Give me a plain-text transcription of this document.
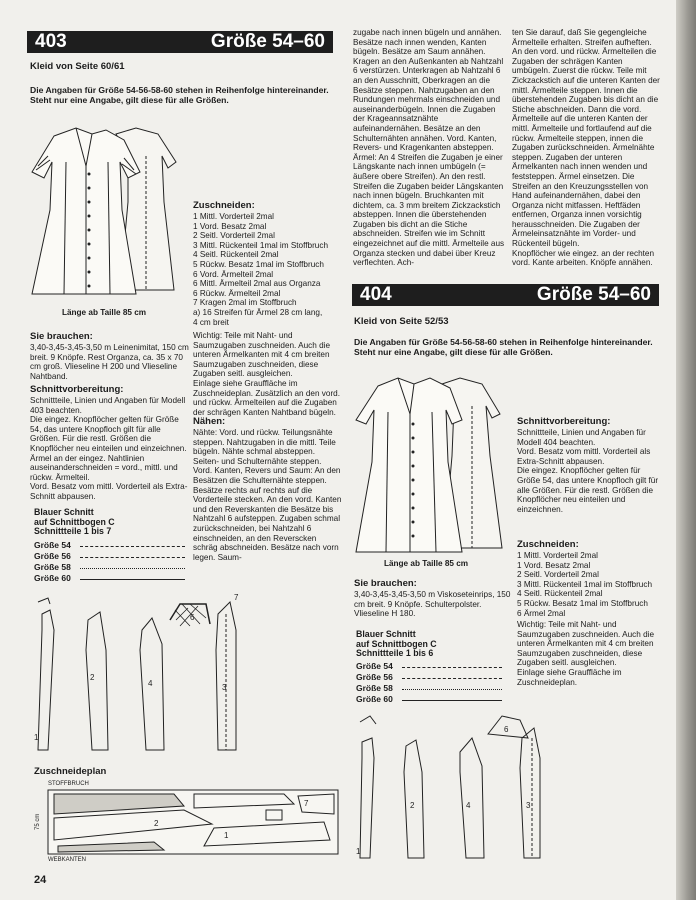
403	Größe 54–60
Kleid von Seite 60/61
Die Angaben für Größe 54-56-58-60 stehen in Reihenfolge hintereinander. Steht nur eine Angabe, gilt diese für alle Größen.
Länge ab Taille 85 cm
Sie brauchen:
3,40-3,45-3,45-3,50 m Leinenimitat, 150 cm breit. 9 Knöpfe. Rest Organza, ca. 35 x 70 cm groß. Vlieseline H 200 und Vlieseline Nahtband.
Schnittvorbereitung:
Schnittteile, Linien und Angaben für Modell 403 beachten.
Die eingez. Knopflöcher gelten für Größe 54, das untere Knopfloch gilt für alle Größen. Für die restl. Größen die Knopflöcher neu einteilen und einzeichnen.
Ärmel an der eingez. Nahtlinien auseinanderschneiden = vord., mittl. und rückw. Ärmelteil.
Vord. Besatz vom mittl. Vorderteil als Extra-Schnitt abpausen.
Blauer Schnitt
auf Schnittbogen C
Schnittteile 1 bis 7
Größe 54
Größe 56
Größe 58
Größe 60
Zuschneiden:
1 Mittl. Vorderteil 2mal
1 Vord. Besatz 2mal
2 Seitl. Vorderteil 2mal
3 Mittl. Rückenteil 1mal im Stoffbruch
4 Seitl. Rückenteil 2mal
5 Rückw. Besatz 1mal im Stoffbruch
6 Vord. Ärmelteil 2mal
6 Mittl. Ärmelteil 2mal aus Organza
6 Rückw. Ärmelteil 2mal
7 Kragen 2mal im Stoffbruch
a) 16 Streifen für Ärmel 28 cm lang,
4 cm breit
Wichtig: Teile mit Naht- und Saumzugaben zuschneiden. Auch die unteren Ärmelkanten mit 4 cm breiten Saumzugaben zuschneiden, diese Zugaben seitl. ausgleichen.
Einlage siehe Grauffläche im Zuschneideplan. Zusätzlich an den vord. und rückw. Ärmelteilen auf die Zugaben der schrägen Kanten Nahtband bügeln.
Nähen:
Nähte: Vord. und rückw. Teilungsnähte steppen. Nahtzugaben in die mittl. Teile bügeln. Nähte schmal absteppen. Seiten- und Schulternähte steppen.
Vord. Kanten, Revers und Saum: An den Besätzen die Schulternähte steppen. Besätze rechts auf rechts auf die Vorderteile stecken. An den vord. Kanten und den Reverskanten die Besätze bis Nahtzahl 6 aufsteppen. Zugaben schmal zurückschneiden, bei Nahtzahl 6 einschneiden, an den Reverscken schräg abschneiden. Besätze nach vorn legen. Saum-
1
2
4
6
3
7
Zuschneideplan
1
2
7
STOFFBRUCH
WEBKANTEN
75 cm
zugabe nach innen bügeln und annähen. Besätze nach innen wenden, Kanten bügeln. Besätze am Saum annähen.
Kragen an den Außenkanten ab Nahtzahl 6 verstürzen. Unterkragen ab Nahtzahl 6 an den Ausschnitt, Oberkragen an die Besätze steppen. Nahtzugaben an den Rundungen mehrmals einschneiden und auseinanderbügeln. Innen die Zugaben der Krageannsatznähte aufeinandernähen. Besätze an den Schulternähten annähen. Vord. Kanten, Revers- und Kragenkanten absteppen.
Ärmel: An 4 Streifen die Zugaben je einer Längskante nach innen umbügeln (= äußere obere Streifen). An den restl. Streifen die Zugaben beider Längskanten nach innen bügeln. Bruchkanten mit dichtem, ca. 3 mm breitem Zickzackstich absteppen. Innen die überstehenden Zugaben bis dicht an die Stiche abschneiden. Streifen wie im Schnitt eingezeichnet auf die mittl. Ärmelteile aus Organza stecken und dabei über Kreuz verflechten. Ach-
ten Sie darauf, daß Sie gegengleiche Ärmelteile erhalten. Streifen aufheften. An den vord. und rückw. Ärmelteilen die Zugaben der schrägen Kanten umbügeln. Zuerst die rückw. Teile mit Zickzackstich auf die unteren Kanten der mittl. Ärmelteile steppen. Innen die überstehenden Zugaben bis dicht an die Stiche abschneiden. Dann die vord. Ärmelteile auf die unteren Kanten der mittl. Ärmelteile und fortlaufend auf die rückw. Ärmelteile steppen, innen die Zugaben zurückschneiden. Ärmelnähte steppen. Zugaben der unteren Ärmelkanten nach innen wenden und feststeppen. Ärmel einsetzen. Die Streifen an den Kreuzungsstellen von Hand aufeinandernähen, dabei den Organza nicht mitfassen. Heftfäden entfernen, Organza innen vorsichtig herausschneiden. Die Zugaben der Ärmeleinsatznähte im Vorder- und Rückenteil bügeln.
Knopflöcher wie eingez. an der rechten vord. Kante arbeiten. Knöpfe annähen.
404	Größe 54–60
Kleid von Seite 52/53
Die Angaben für Größe 54-56-58-60 stehen in Reihenfolge hintereinander. Steht nur eine Angabe, gilt diese für alle Größen.
Länge ab Taille 85 cm
Sie brauchen:
3,40-3,45-3,45-3,50 m Viskoseteinrips, 150 cm breit. 9 Knöpfe. Schulterpolster. Vlieseline H 180.
Blauer Schnitt
auf Schnittbogen C
Schnittteile 1 bis 6
Größe 54
Größe 56
Größe 58
Größe 60
Schnittvorbereitung:
Schnittteile, Linien und Angaben für Modell 404 beachten.
Vord. Besatz vom mittl. Vorderteil als Extra-Schnitt abpausen.
Die eingez. Knopflöcher gelten für Größe 54, das untere Knopfloch gilt für alle Größen. Für die restl. Größen die Knopflöcher neu einteilen und einzeichnen.
Zuschneiden:
1 Mittl. Vorderteil 2mal
1 Vord. Besatz 2mal
2 Seitl. Vorderteil 2mal
3 Mittl. Rückenteil 1mal im Stoffbruch
4 Seitl. Rückenteil 2mal
5 Rückw. Besatz 1mal im Stoffbruch
6 Ärmel 2mal
Wichtig: Teile mit Naht- und Saumzugaben zuschneiden. Auch die unteren Ärmelkanten mit 4 cm breiten Saumzugaben zuschneiden, diese Zugaben seitl. ausgleichen.
Einlage siehe Grauffläche im Zuschneideplan.
1
2	4
6
3
24
